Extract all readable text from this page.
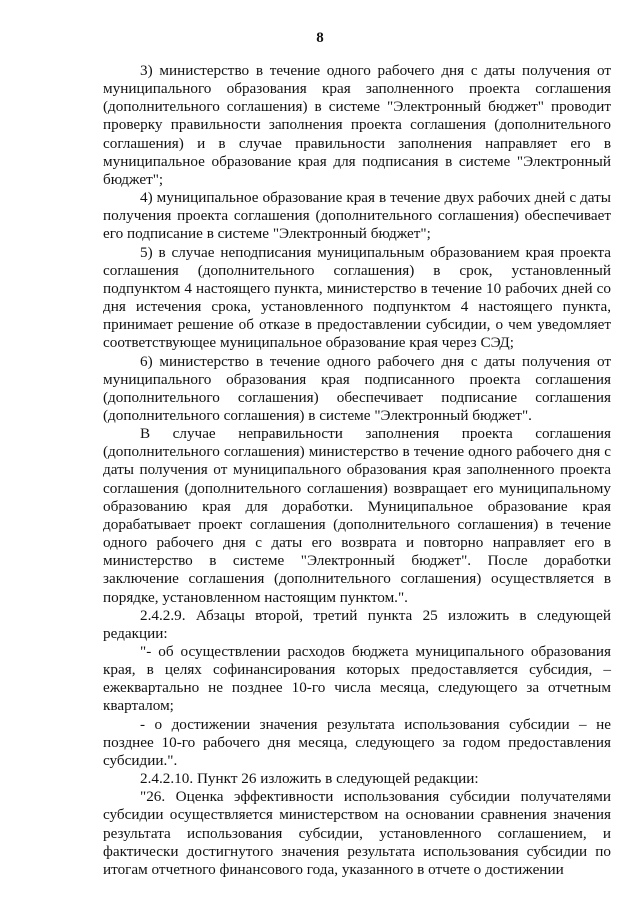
8

3) министерство в течение одного рабочего дня с даты получения от муниципального образования края заполненного проекта соглашения (дополнительного соглашения) в системе "Электронный бюджет" проводит проверку правильности заполнения проекта соглашения (дополнительного соглашения) и в случае правильности заполнения направляет его в муниципальное образование края для подписания в системе "Электронный бюджет";

4) муниципальное образование края в течение двух рабочих дней с даты получения проекта соглашения (дополнительного соглашения) обеспечивает его подписание в системе "Электронный бюджет";

5) в случае неподписания муниципальным образованием края проекта соглашения (дополнительного соглашения) в срок, установленный подпунктом 4 настоящего пункта, министерство в течение 10 рабочих дней со дня истечения срока, установленного подпунктом 4 настоящего пункта, принимает решение об отказе в предоставлении субсидии, о чем уведомляет соответствующее муниципальное образование края через СЭД;

6) министерство в течение одного рабочего дня с даты получения от муниципального образования края подписанного проекта соглашения (дополнительного соглашения) обеспечивает подписание соглашения (дополнительного соглашения) в системе "Электронный бюджет".

В случае неправильности заполнения проекта соглашения (дополнительного соглашения) министерство в течение одного рабочего дня с даты получения от муниципального образования края заполненного проекта соглашения (дополнительного соглашения) возвращает его муниципальному образованию края для доработки. Муниципальное образование края дорабатывает проект соглашения (дополнительного соглашения) в течение одного рабочего дня с даты его возврата и повторно направляет его в министерство в системе "Электронный бюджет". После доработки заключение соглашения (дополнительного соглашения) осуществляется в порядке, установленном настоящим пунктом.".

2.4.2.9. Абзацы второй, третий пункта 25 изложить в следующей редакции:

"- об осуществлении расходов бюджета муниципального образования края, в целях софинансирования которых предоставляется субсидия, – ежеквартально не позднее 10-го числа месяца, следующего за отчетным кварталом;

- о достижении значения результата использования субсидии – не позднее 10-го рабочего дня месяца, следующего за годом предоставления субсидии.".

2.4.2.10. Пункт 26 изложить в следующей редакции:

"26. Оценка эффективности использования субсидии получателями субсидии осуществляется министерством на основании сравнения значения результата использования субсидии, установленного соглашением, и фактически достигнутого значения результата использования субсидии по итогам отчетного финансового года, указанного в отчете о достижении
